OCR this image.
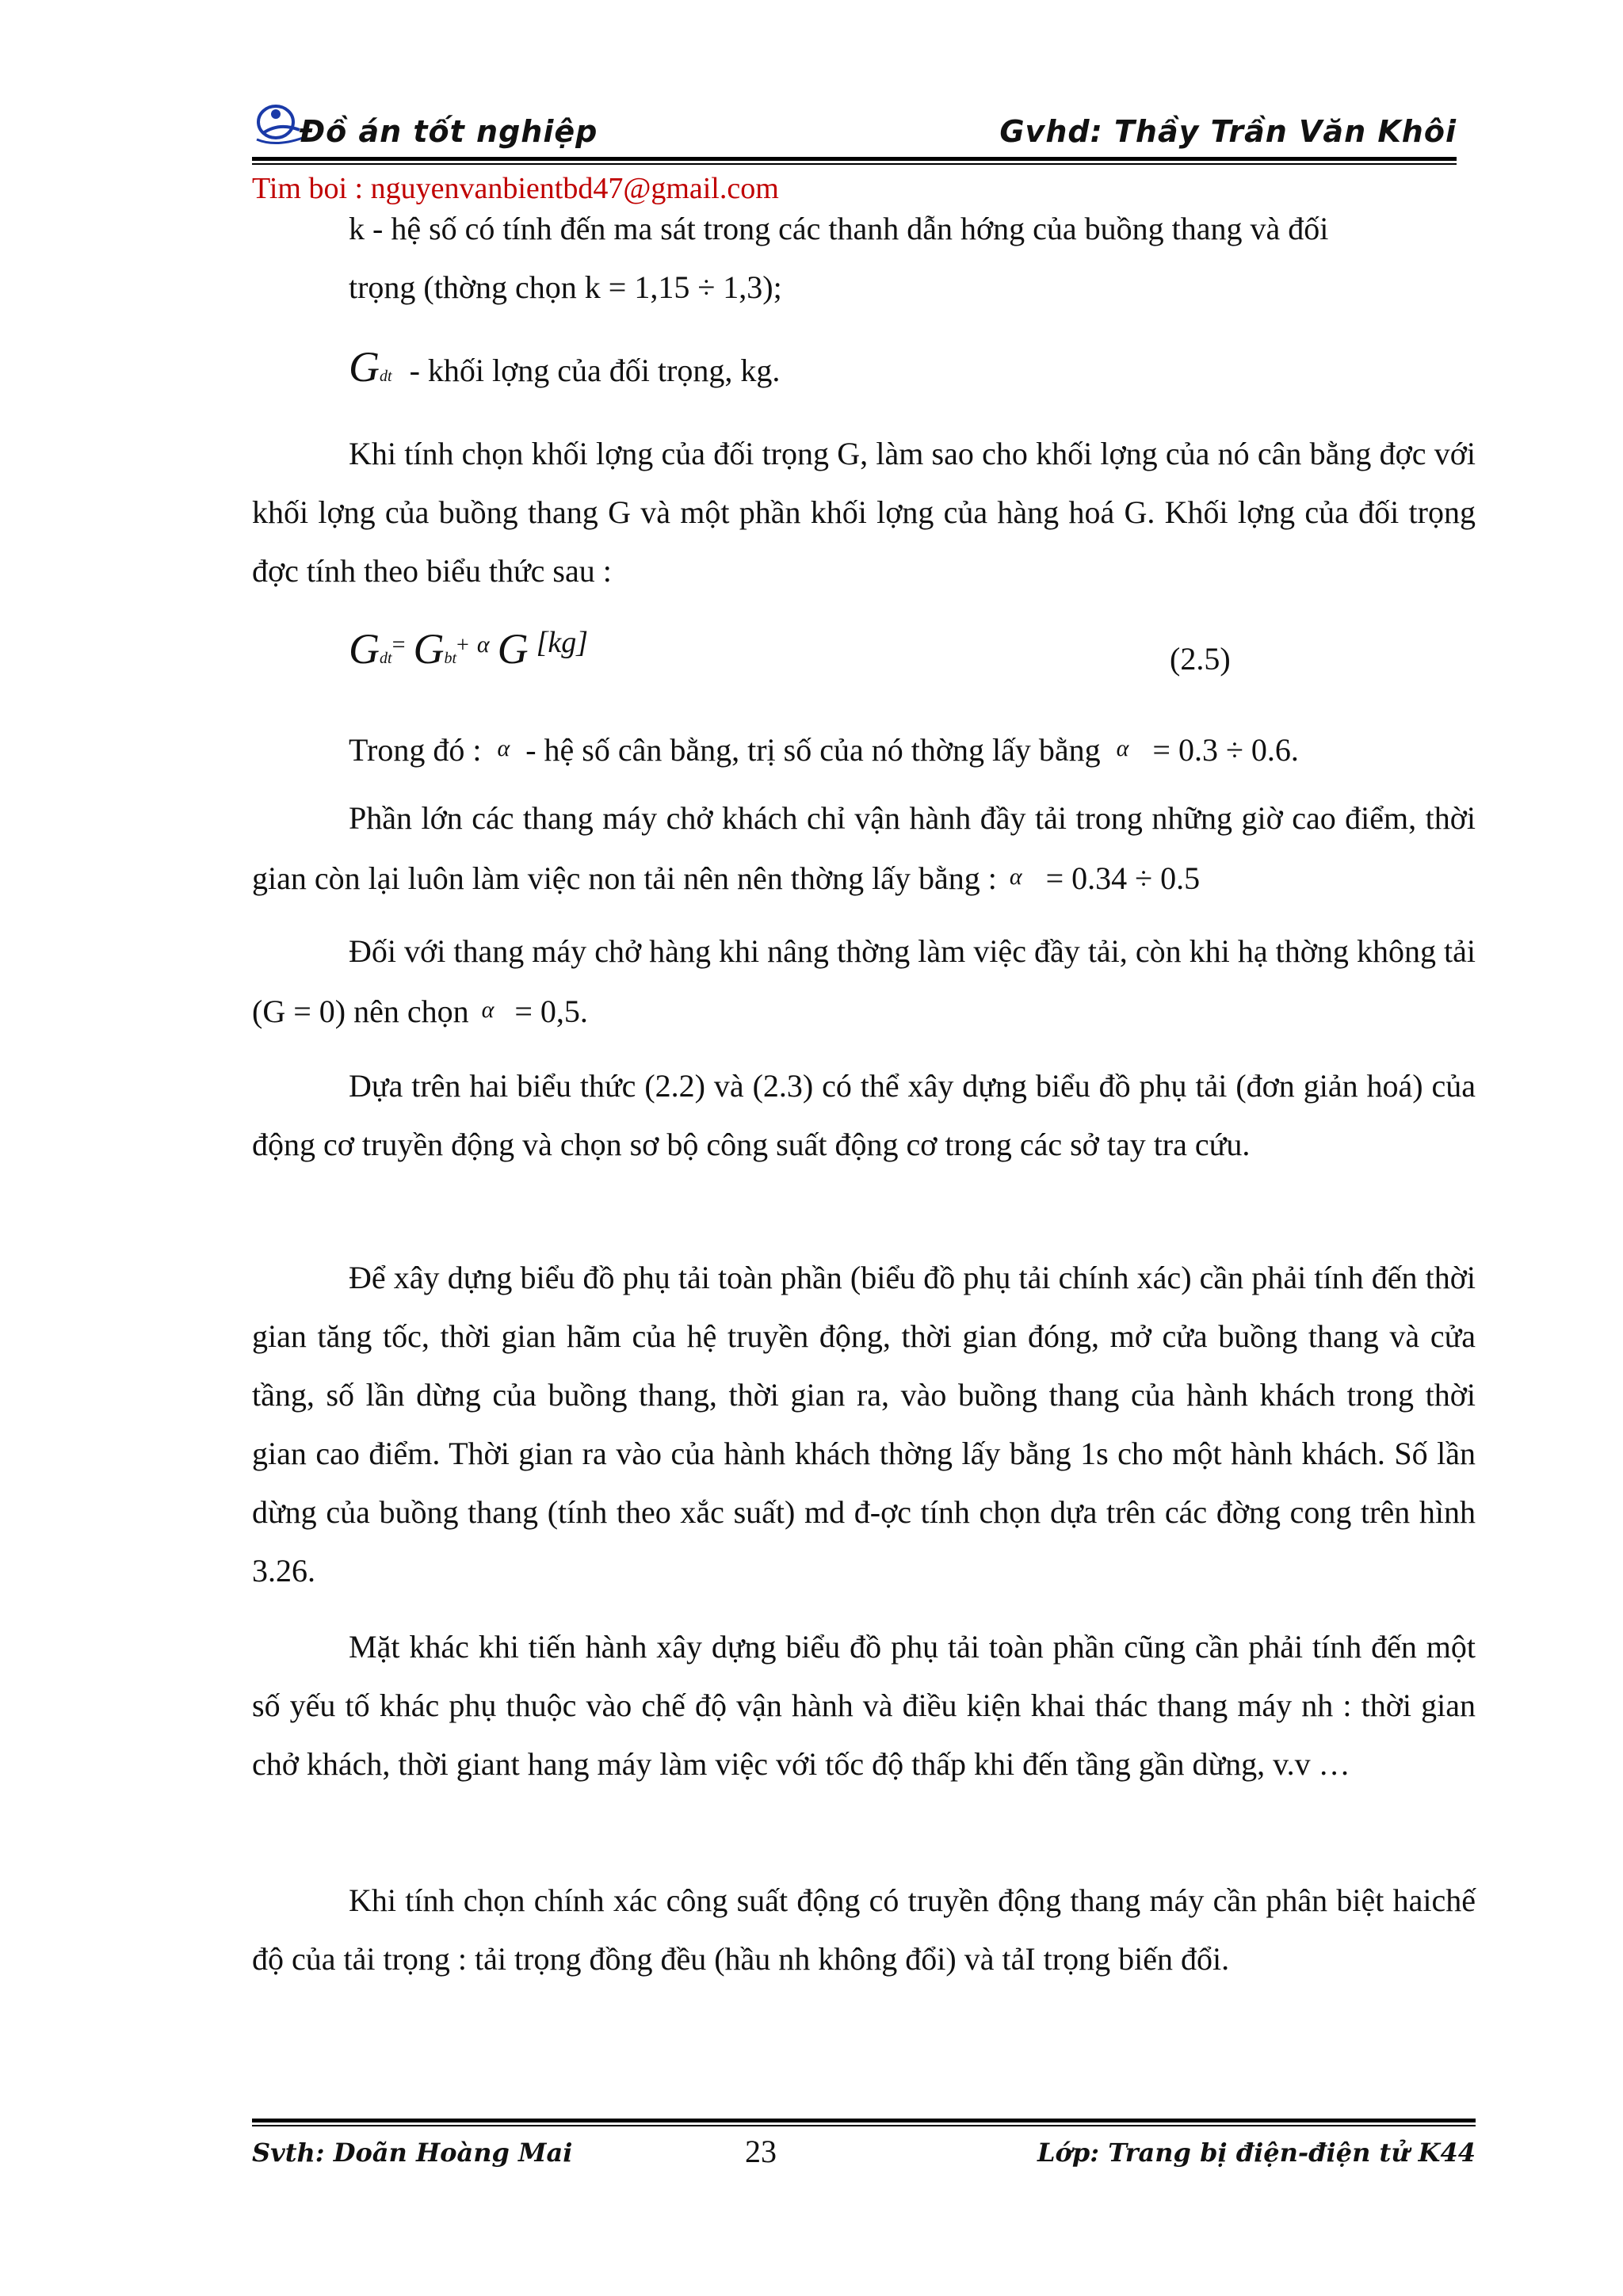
Đồ án tốt nghiệp	Gvhd: Thầy Trần Văn Khôi
Tim boi : nguyenvanbientbd47@gmail.com
k - hệ số có tính đến ma sát trong các thanh dẫn hớng của buồng thang và đối
trọng (thờng chọn k = 1,15 ÷ 1,3);
Gdt - khối lợng của đối trọng, kg.
Khi tính chọn khối lợng của đối trọng G, làm sao cho khối lợng của nó cân bằng đợc với khối lợng của buồng thang G và một phần khối lợng của hàng hoá G. Khối lợng của đối trọng đợc tính theo biểu thức sau :
Gdt= Gbt+ $^\alpha$ G [kg]	(2.5)
Trong đó : α - hệ số cân bằng, trị số của nó thờng lấy bằng α = 0.3 ÷ 0.6.
Phần lớn các thang máy chở khách chỉ vận hành đầy tải trong những giờ cao điểm, thời gian còn lại luôn làm việc non tải nên nên thờng lấy bằng : α = 0.34 ÷ 0.5
Đối với thang máy chở hàng khi nâng thờng làm việc đầy tải, còn khi hạ thờng không tải (G = 0) nên chọn α = 0,5.
Dựa trên hai biểu thức (2.2) và (2.3) có thể xây dựng biểu đồ phụ tải (đơn giản hoá) của động cơ truyền động và chọn sơ bộ công suất động cơ trong các sở tay tra cứu.
Để xây dựng biểu đồ phụ tải toàn phần (biểu đồ phụ tải chính xác) cần phải tính đến thời gian tăng tốc, thời gian hãm của hệ truyền động, thời gian đóng, mở cửa buồng thang và cửa tầng, số lần dừng của buồng thang, thời gian ra, vào buồng thang của hành khách trong thời gian cao điểm. Thời gian ra vào của hành khách thờng lấy bằng 1s cho một hành khách. Số lần dừng của buồng thang (tính theo xắc suất) md đ-ợc tính chọn dựa trên các đờng cong trên hình 3.26.
Mặt khác khi tiến hành xây dựng biểu đồ phụ tải toàn phần cũng cần phải tính đến một số yếu tố khác phụ thuộc vào chế độ vận hành và điều kiện khai thác thang máy nh : thời gian chở khách, thời giant hang máy làm việc với tốc độ thấp khi đến tầng gần dừng, v.v …
Khi tính chọn chính xác công suất động có truyền động thang máy cần phân biệt haichế độ của tải trọng : tải trọng đồng đều (hầu nh không đổi) và tảI trọng biến đổi.
Svth: Doãn Hoàng Mai	23	Lớp: Trang bị điện-điện tử K44
